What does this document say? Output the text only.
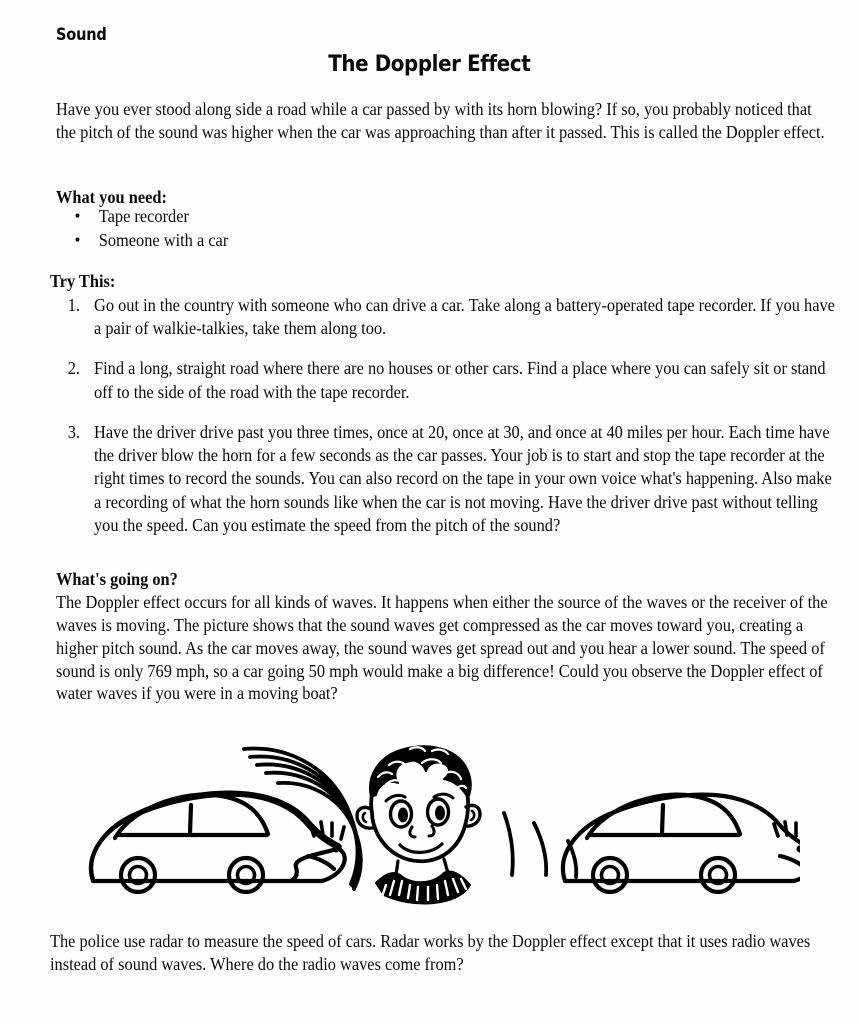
Sound
The Doppler Effect

Have you ever stood along side a road while a car passed by with its horn blowing? If so, you probably noticed that the pitch of the sound was higher when the car was approaching than after it passed. This is called the Doppler effect.

What you need:
• Tape recorder
• Someone with a car
Try This:
1. Go out in the country with someone who can drive a car. Take along a battery-operated tape recorder. If you have a pair of walkie-talkies, take them along too.
2. Find a long, straight road where there are no houses or other cars. Find a place where you can safely sit or stand off to the side of the road with the tape recorder.
3. Have the driver drive past you three times, once at 20, once at 30, and once at 40 miles per hour. Each time have the driver blow the horn for a few seconds as the car passes. Your job is to start and stop the tape recorder at the right times to record the sounds. You can also record on the tape in your own voice what's happening. Also make a recording of what the horn sounds like when the car is not moving. Have the driver drive past without telling you the speed. Can you estimate the speed from the pitch of the sound?
What's going on?

The Doppler effect occurs for all kinds of waves. It happens when either the source of the waves or the receiver of the waves is moving. The picture shows that the sound waves get compressed as the car moves toward you, creating a higher pitch sound. As the car moves away, the sound waves get spread out and you hear a lower sound. The speed of sound is only 769 mph, so a car going 50 mph would make a big difference! Could you observe the Doppler effect of water waves if you were in a moving boat?

The police use radar to measure the speed of cars. Radar works by the Doppler effect except that it uses radio waves instead of sound waves. Where do the radio waves come from?
